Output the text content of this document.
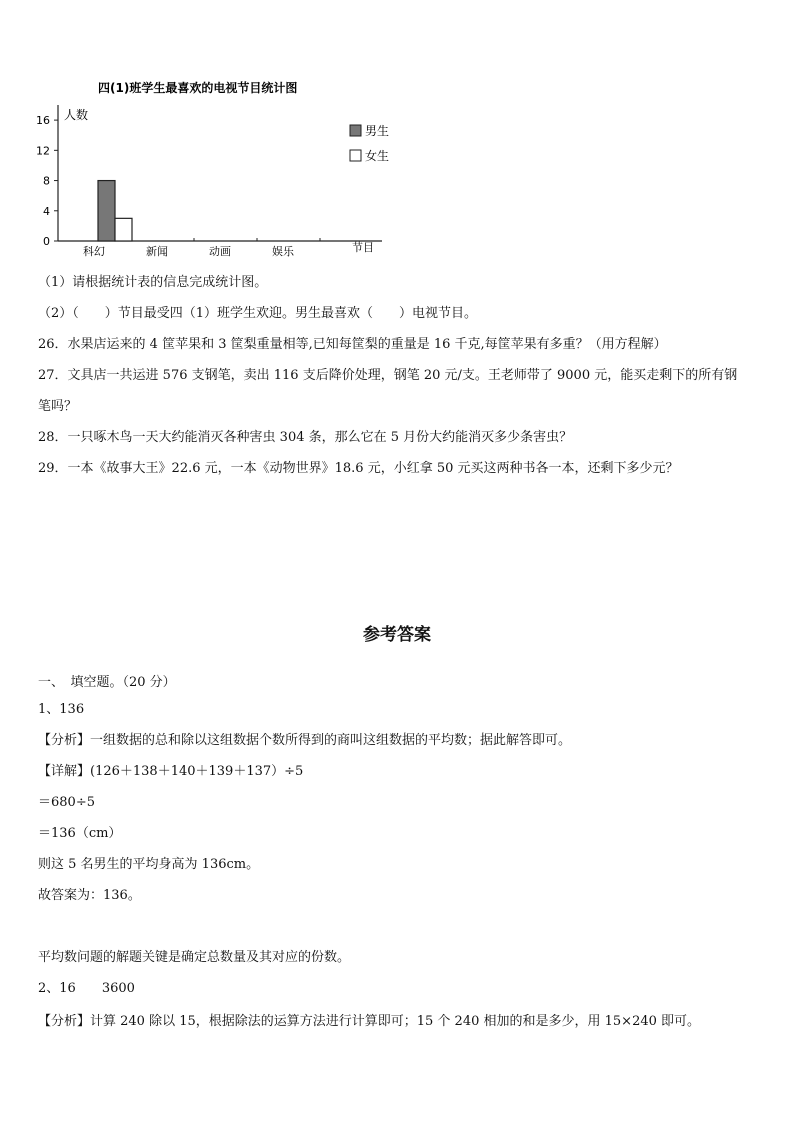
四(1)班学生最喜欢的电视节目统计图
人数
节目
0
4
8
12
16
科幻	新闻	动画	娱乐
男生
女生
（1）请根据统计表的信息完成统计图。
（2）（　　）节目最受四（1）班学生欢迎。男生最喜欢（　　）电视节目。
26．水果店运来的 4 筐苹果和 3 筐梨重量相等,已知每筐梨的重量是 16 千克,每筐苹果有多重？（用方程解）
27．文具店一共运进 576 支钢笔，卖出 116 支后降价处理，钢笔 20 元/支。王老师带了 9000 元，能买走剩下的所有钢
笔吗？
28．一只啄木鸟一天大约能消灭各种害虫 304 条，那么它在 5 月份大约能消灭多少条害虫？
29．一本《故事大王》22.6 元，一本《动物世界》18.6 元，小红拿 50 元买这两种书各一本，还剩下多少元？
参考答案
一、　填空题。（20 分）
1、136
【分析】一组数据的总和除以这组数据个数所得到的商叫这组数据的平均数；据此解答即可。
【详解】(126＋138＋140＋139＋137）÷5
＝680÷5
＝136（cm）
则这 5 名男生的平均身高为 136cm。
故答案为：136。
平均数问题的解题关键是确定总数量及其对应的份数。
2、16　　3600
【分析】计算 240 除以 15，根据除法的运算方法进行计算即可；15 个 240 相加的和是多少，用 15×240 即可。
